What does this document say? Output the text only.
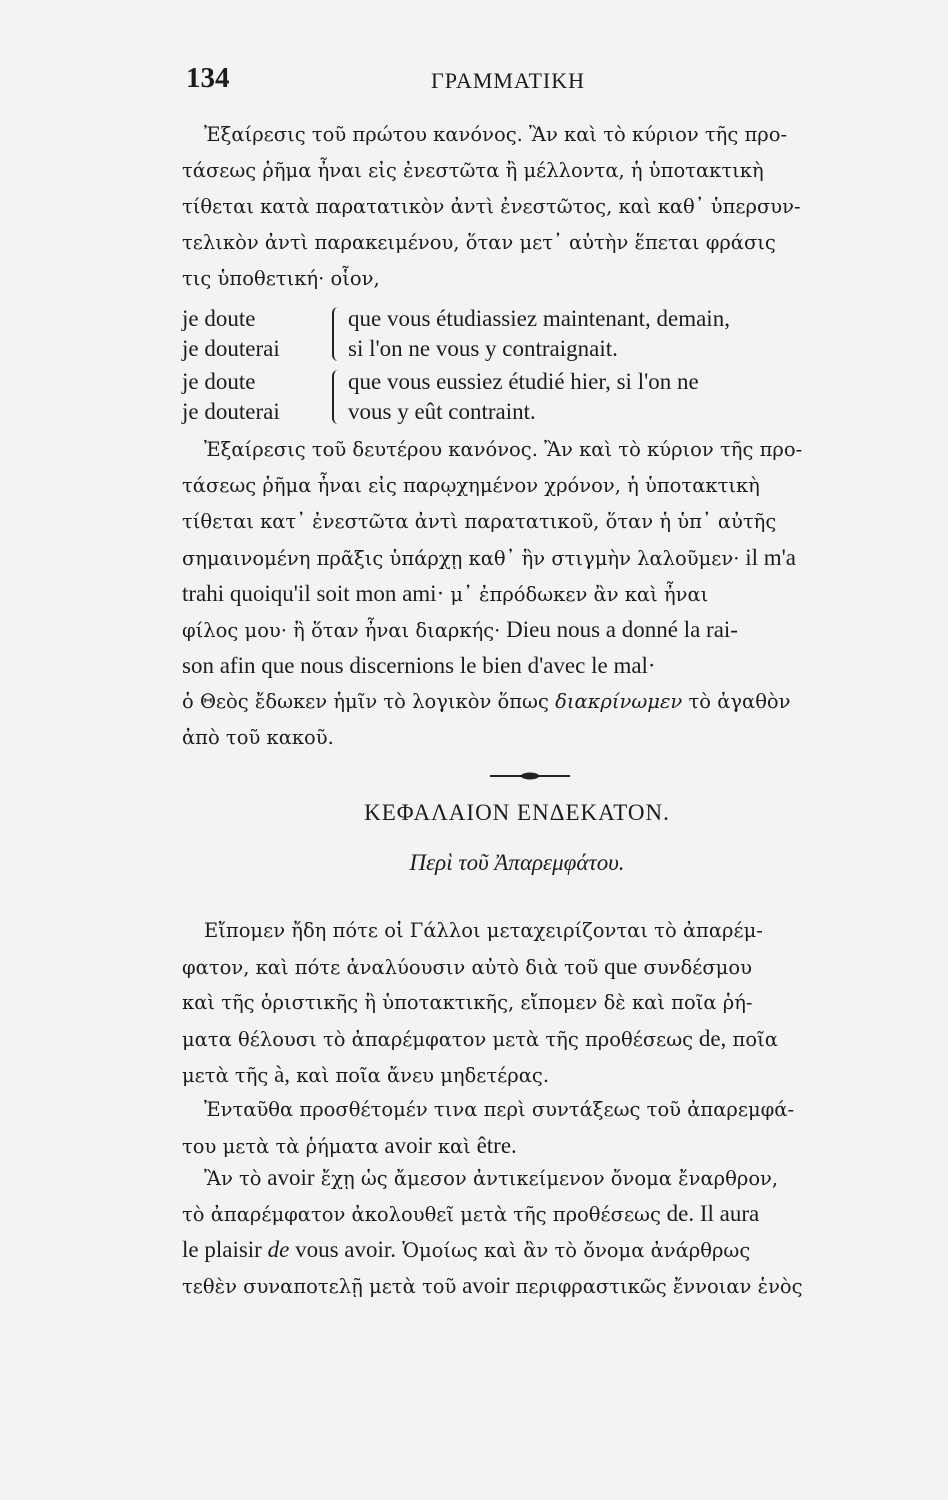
134	ΓΡΑΜΜΑΤΙΚΗ
Ἐξαίρεσις τοῦ πρώτου κανόνος. Ἂν καὶ τὸ κύριον τῆς προ-
τάσεως ῥῆμα ἦναι εἰς ἐνεστῶτα ἢ μέλλοντα, ἡ ὑποτακτικὴ
τίθεται κατὰ παρατατικὸν ἀντὶ ἐνεστῶτος, καὶ καθ᾽ ὑπερσυν-
τελικὸν ἀντὶ παρακειμένου, ὅταν μετ᾽ αὐτὴν ἕπεται φράσις
τις ὑποθετική· οἷον,
je doute	que vous étudiassiez maintenant, demain,
je douterai	si l'on ne vous y contraignait.
je doute	que vous eussiez étudié hier, si l'on ne
je douterai	vous y eût contraint.
Ἐξαίρεσις τοῦ δευτέρου κανόνος. Ἂν καὶ τὸ κύριον τῆς προ-
τάσεως ῥῆμα ἦναι εἰς παρῳχημένον χρόνον, ἡ ὑποτακτικὴ
τίθεται κατ᾽ ἐνεστῶτα ἀντὶ παρατατικοῦ, ὅταν ἡ ὑπ᾽ αὐτῆς
σημαινομένη πρᾶξις ὑπάρχῃ καθ᾽ ἣν στιγμὴν λαλοῦμεν· il m'a
trahi quoiqu'il soit mon ami· μ᾽ ἐπρόδωκεν ἂν καὶ ἦναι
φίλος μου· ἢ ὅταν ἦναι διαρκής· Dieu nous a donné la rai-
son afin que nous discernions le bien d'avec le mal·
ὁ Θεὸς ἔδωκεν ἡμῖν τὸ λογικὸν ὅπως διακρίνωμεν τὸ ἀγαθὸν
ἀπὸ τοῦ κακοῦ.
ΚΕΦΑΛΑΙΟΝ ΕΝΔΕΚΑΤΟΝ.
Περὶ τοῦ Ἀπαρεμφάτου.
Εἴπομεν ἤδη πότε οἱ Γάλλοι μεταχειρίζονται τὸ ἀπαρέμ-
φατον, καὶ πότε ἀναλύουσιν αὐτὸ διὰ τοῦ que συνδέσμου
καὶ τῆς ὁριστικῆς ἢ ὑποτακτικῆς, εἴπομεν δὲ καὶ ποῖα ῥή-
ματα θέλουσι τὸ ἀπαρέμφατον μετὰ τῆς προθέσεως de, ποῖα
μετὰ τῆς à, καὶ ποῖα ἄνευ μηδετέρας.
Ἐνταῦθα προσθέτομέν τινα περὶ συντάξεως τοῦ ἀπαρεμφά-
του μετὰ τὰ ῥήματα avoir καὶ être.
Ἂν τὸ avoir ἔχῃ ὡς ἄμεσον ἀντικείμενον ὄνομα ἔναρθρον,
τὸ ἀπαρέμφατον ἀκολουθεῖ μετὰ τῆς προθέσεως de. Il aura
le plaisir de vous avoir. Ὁμοίως καὶ ἂν τὸ ὄνομα ἀνάρθρως
τεθὲν συναποτελῇ μετὰ τοῦ avoir περιφραστικῶς ἔννοιαν ἑνὸς
